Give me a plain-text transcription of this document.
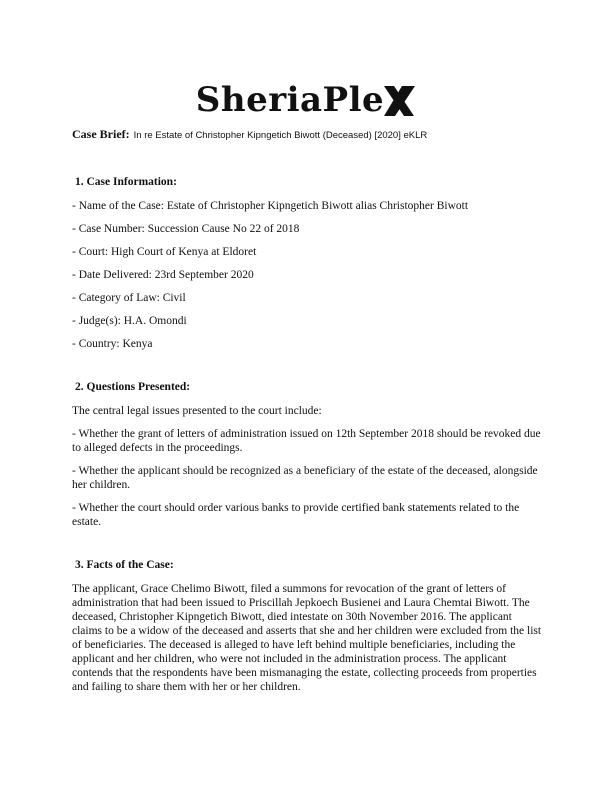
SheriaPle
Case Brief: In re Estate of Christopher Kipngetich Biwott (Deceased) [2020] eKLR
1. Case Information:
- Name of the Case: Estate of Christopher Kipngetich Biwott alias Christopher Biwott
- Case Number: Succession Cause No 22 of 2018
- Court: High Court of Kenya at Eldoret
- Date Delivered: 23rd September 2020
- Category of Law: Civil
- Judge(s): H.A. Omondi
- Country: Kenya
2. Questions Presented:
The central legal issues presented to the court include:
- Whether the grant of letters of administration issued on 12th September 2018 should be revoked due to alleged defects in the proceedings.
- Whether the applicant should be recognized as a beneficiary of the estate of the deceased, alongside her children.
- Whether the court should order various banks to provide certified bank statements related to the estate.
3. Facts of the Case:
The applicant, Grace Chelimo Biwott, filed a summons for revocation of the grant of letters of administration that had been issued to Priscillah Jepkoech Busienei and Laura Chemtai Biwott. The deceased, Christopher Kipngetich Biwott, died intestate on 30th November 2016. The applicant claims to be a widow of the deceased and asserts that she and her children were excluded from the list of beneficiaries. The deceased is alleged to have left behind multiple beneficiaries, including the applicant and her children, who were not included in the administration process. The applicant contends that the respondents have been mismanaging the estate, collecting proceeds from properties and failing to share them with her or her children.
